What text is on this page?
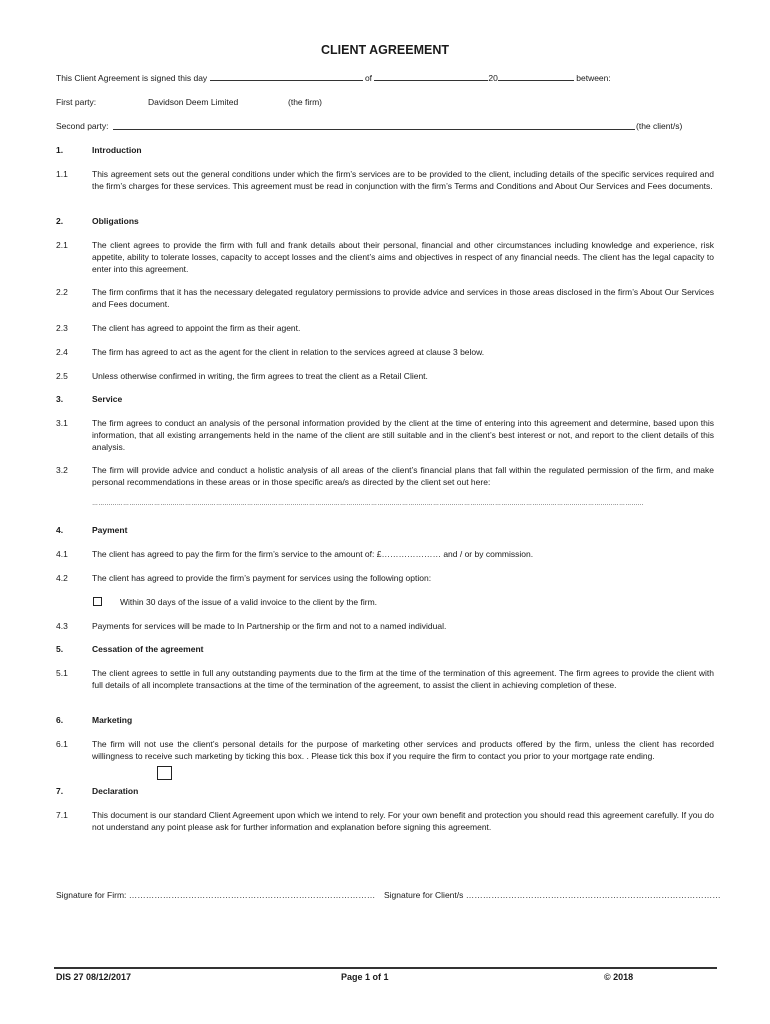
CLIENT AGREEMENT
This Client Agreement is signed this day	of	20	between:
First party:	Davidson Deem Limited	(the firm)
Second party:	(the client/s)
1.	Introduction
1.1	This agreement sets out the general conditions under which the firm’s services are to be provided to the client, including details of the specific services required and the firm’s charges for these services. This agreement must be read in conjunction with the firm’s Terms and Conditions and About Our Services and Fees documents.
2.	Obligations
2.1	The client agrees to provide the firm with full and frank details about their personal, financial and other circumstances including knowledge and experience, risk appetite, ability to tolerate losses, capacity to accept losses and the client’s aims and objectives in respect of any financial needs. The client has the legal capacity to enter into this agreement.
2.2	The firm confirms that it has the necessary delegated regulatory permissions to provide advice and services in those areas disclosed in the firm’s About Our Services and Fees document.
2.3	The client has agreed to appoint the firm as their agent.
2.4	The firm has agreed to act as the agent for the client in relation to the services agreed at clause 3 below.
2.5	Unless otherwise confirmed in writing, the firm agrees to treat the client as a Retail Client.
3.	Service
3.1	The firm agrees to conduct an analysis of the personal information provided by the client at the time of entering into this agreement and determine, based upon this information, that all existing arrangements held in the name of the client are still suitable and in the client’s best interest or not, and report to the client details of this analysis.
3.2	The firm will provide advice and conduct a holistic analysis of all areas of the client’s financial plans that fall within the regulated permission of the firm, and make personal recommendations in these areas or in those specific area/s as directed by the client set out here:
……………………………………………………………………………………………………………………………………………………………………………………………………………………………………………
4.	Payment
4.1	The client has agreed to pay the firm for the firm’s service to the amount of: £………………… and / or by commission.
4.2	The client has agreed to provide the firm’s payment for services using the following option:
Within 30 days of the issue of a valid invoice to the client by the firm.
4.3	Payments for services will be made to In Partnership or the firm and not to a named individual.
5.	Cessation of the agreement
5.1	The client agrees to settle in full any outstanding payments due to the firm at the time of the termination of this agreement. The firm agrees to provide the client with full details of all incomplete transactions at the time of the termination of the agreement, to assist the client in achieving completion of these.
6.	Marketing
6.1	The firm will not use the client’s personal details for the purpose of marketing other services and products offered by the firm, unless the client has recorded willingness to receive such marketing by ticking this box. . Please tick this box if you require the firm to contact you prior to your mortgage rate ending.
7.	Declaration
7.1	This document is our standard Client Agreement upon which we intend to rely. For your own benefit and protection you should read this agreement carefully. If you do not understand any point please ask for further information and explanation before signing this agreement.
Signature for Firm: …………………………………………………………………………… Signature for Client/s ………………………………………………………………………………
DIS 27 08/12/2017	Page 1 of 1	© 2018
